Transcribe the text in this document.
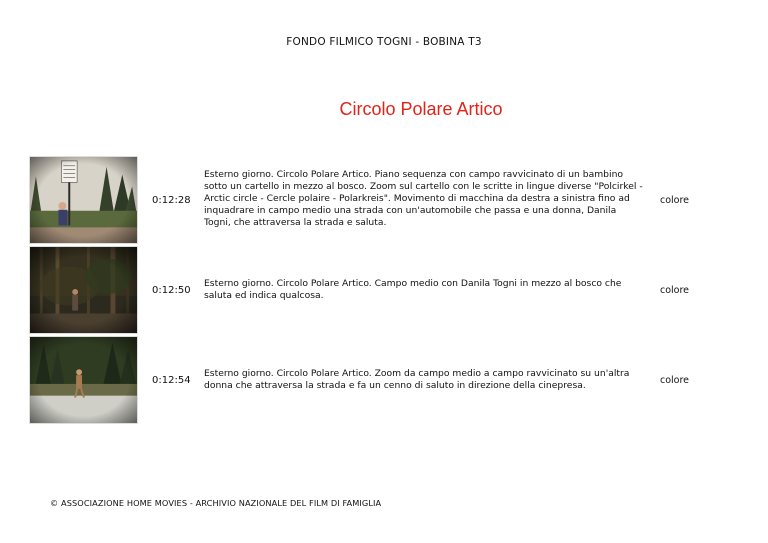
FONDO FILMICO TOGNI - BOBINA T3
Circolo Polare Artico
0:12:28
Esterno giorno. Circolo Polare Artico. Piano sequenza con campo ravvicinato di un bambino sotto un cartello in mezzo al bosco. Zoom sul cartello con le scritte in lingue diverse "Polcirkel - Arctic circle - Cercle polaire - Polarkreis". Movimento di macchina da destra a sinistra fino ad inquadrare in campo medio una strada con un'automobile che passa e una donna, Danila Togni, che attraversa la strada e saluta.
colore
0:12:50
Esterno giorno. Circolo Polare Artico. Campo medio con Danila Togni in mezzo al bosco che saluta ed indica qualcosa.	colore
0:12:54
Esterno giorno. Circolo Polare Artico. Zoom da campo medio a campo ravvicinato su un'altra donna che attraversa la strada e fa un cenno di saluto in direzione della cinepresa.	colore
© ASSOCIAZIONE HOME MOVIES - ARCHIVIO NAZIONALE DEL FILM DI FAMIGLIA
